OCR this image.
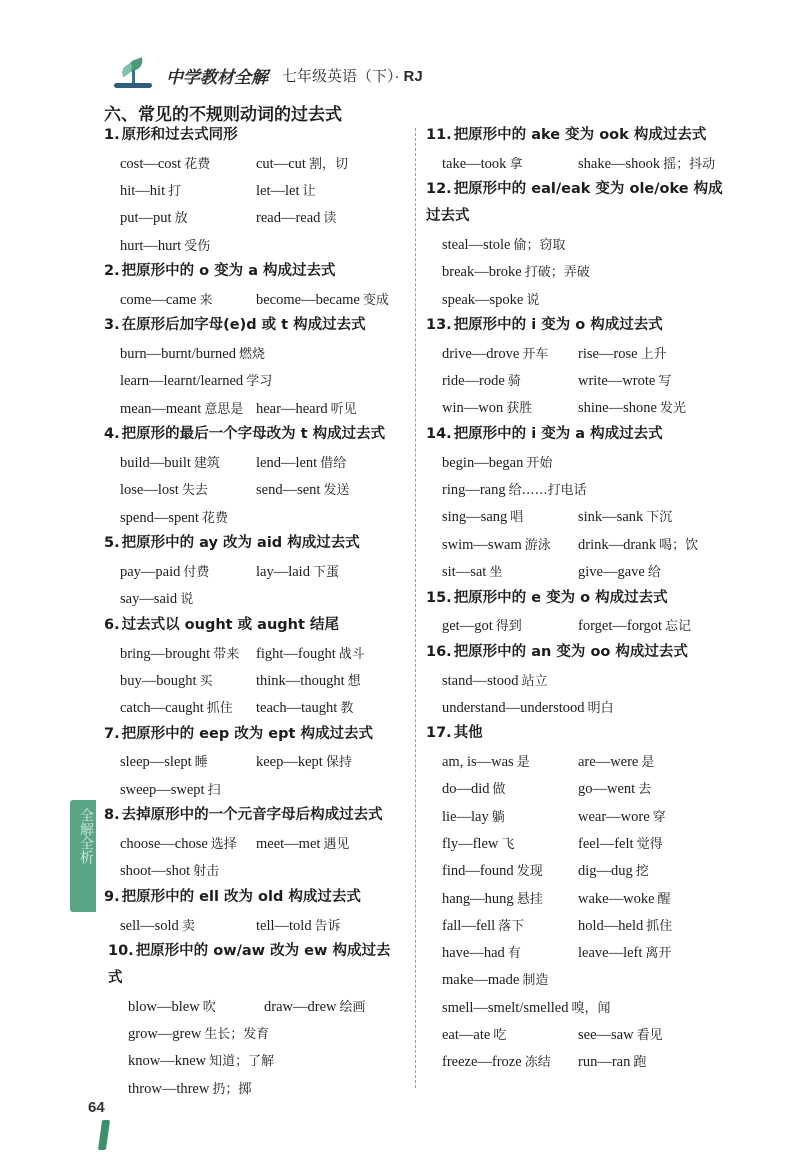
中学教材全解 七年级英语（下）· RJ
六、常见的不规则动词的过去式
1. 原形和过去式同形
cost—cost 花费	cut—cut 割，切
hit—hit 打	let—let 让
put—put 放	read—read 读
hurt—hurt 受伤
2. 把原形中的 o 变为 a 构成过去式
come—came 来	become—became 变成
3. 在原形后加字母(e)d 或 t 构成过去式
burn—burnt/burned 燃烧
learn—learnt/learned 学习
mean—meant 意思是 hear—heard 听见
4. 把原形的最后一个字母改为 t 构成过去式
build—built 建筑	lend—lent 借给
lose—lost 失去	send—sent 发送
spend—spent 花费
5. 把原形中的 ay 改为 aid 构成过去式
pay—paid 付费	lay—laid 下蛋
say—said 说
6. 过去式以 ought 或 aught 结尾
bring—brought 带来	fight—fought 战斗
buy—bought 买	think—thought 想
catch—caught 抓住	teach—taught 教
7. 把原形中的 eep 改为 ept 构成过去式
sleep—slept 睡	keep—kept 保持
sweep—swept 扫
8. 去掉原形中的一个元音字母后构成过去式
choose—chose 选择	meet—met 遇见
shoot—shot 射击
9. 把原形中的 ell 改为 old 构成过去式
sell—sold 卖	tell—told 告诉
10. 把原形中的 ow/aw 改为 ew 构成过去式
blow—blew 吹	draw—drew 绘画
grow—grew 生长；发育
know—knew 知道；了解
throw—threw 扔；掷
11. 把原形中的 ake 变为 ook 构成过去式
take—took 拿	shake—shook 摇；抖动
12. 把原形中的 eal/eak 变为 ole/oke 构成过去式
steal—stole 偷；窃取
break—broke 打破；弄破
speak—spoke 说
13. 把原形中的 i 变为 o 构成过去式
drive—drove 开车	rise—rose 上升
ride—rode 骑	write—wrote 写
win—won 获胜	shine—shone 发光
14. 把原形中的 i 变为 a 构成过去式
begin—began 开始
ring—rang 给……打电话
sing—sang 唱	sink—sank 下沉
swim—swam 游泳	drink—drank 喝；饮
sit—sat 坐	give—gave 给
15. 把原形中的 e 变为 o 构成过去式
get—got 得到	forget—forgot 忘记
16. 把原形中的 an 变为 oo 构成过去式
stand—stood 站立
understand—understood 明白
17. 其他
am, is—was 是	are—were 是
do—did 做	go—went 去
lie—lay 躺	wear—wore 穿
fly—flew 飞	feel—felt 觉得
find—found 发现	dig—dug 挖
hang—hung 悬挂	wake—woke 醒
fall—fell 落下	hold—held 抓住
have—had 有	leave—left 离开
make—made 制造
smell—smelt/smelled 嗅，闻
eat—ate 吃	see—saw 看见
freeze—froze 冻结	run—ran 跑
全解全析
64
